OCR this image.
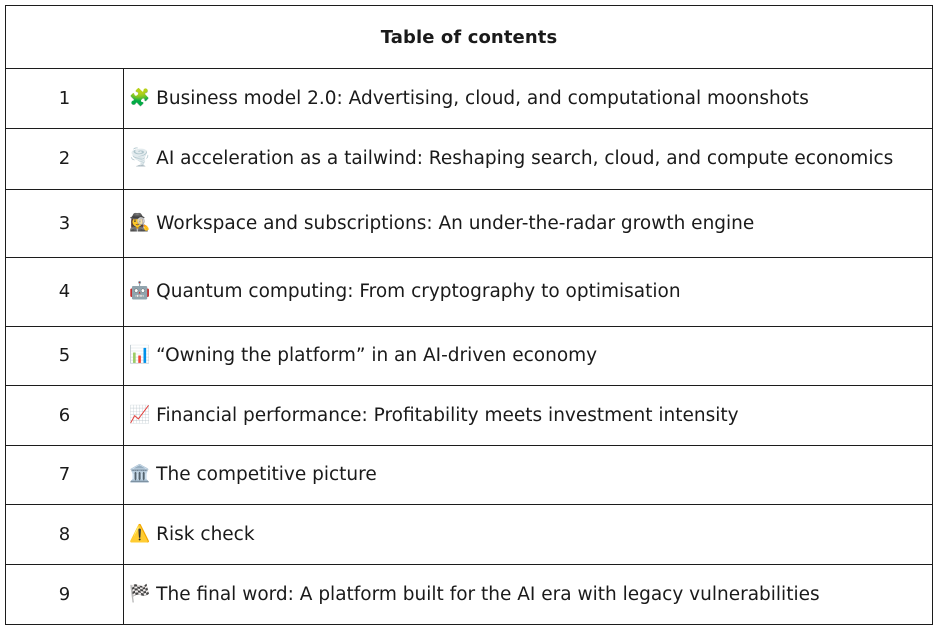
Table of contents
1	🧩 Business model 2.0: Advertising, cloud, and computational moonshots
2	🌪️ AI acceleration as a tailwind: Reshaping search, cloud, and compute economics
3	🕵️‍♀️ Workspace and subscriptions: An under-the-radar growth engine
4	🤖 Quantum computing: From cryptography to optimisation
5	📊 “Owning the platform” in an AI-driven economy
6	📈 Financial performance: Profitability meets investment intensity
7	🏛️ The competitive picture
8	⚠️ Risk check
9	🏁 The final word: A platform built for the AI era with legacy vulnerabilities
